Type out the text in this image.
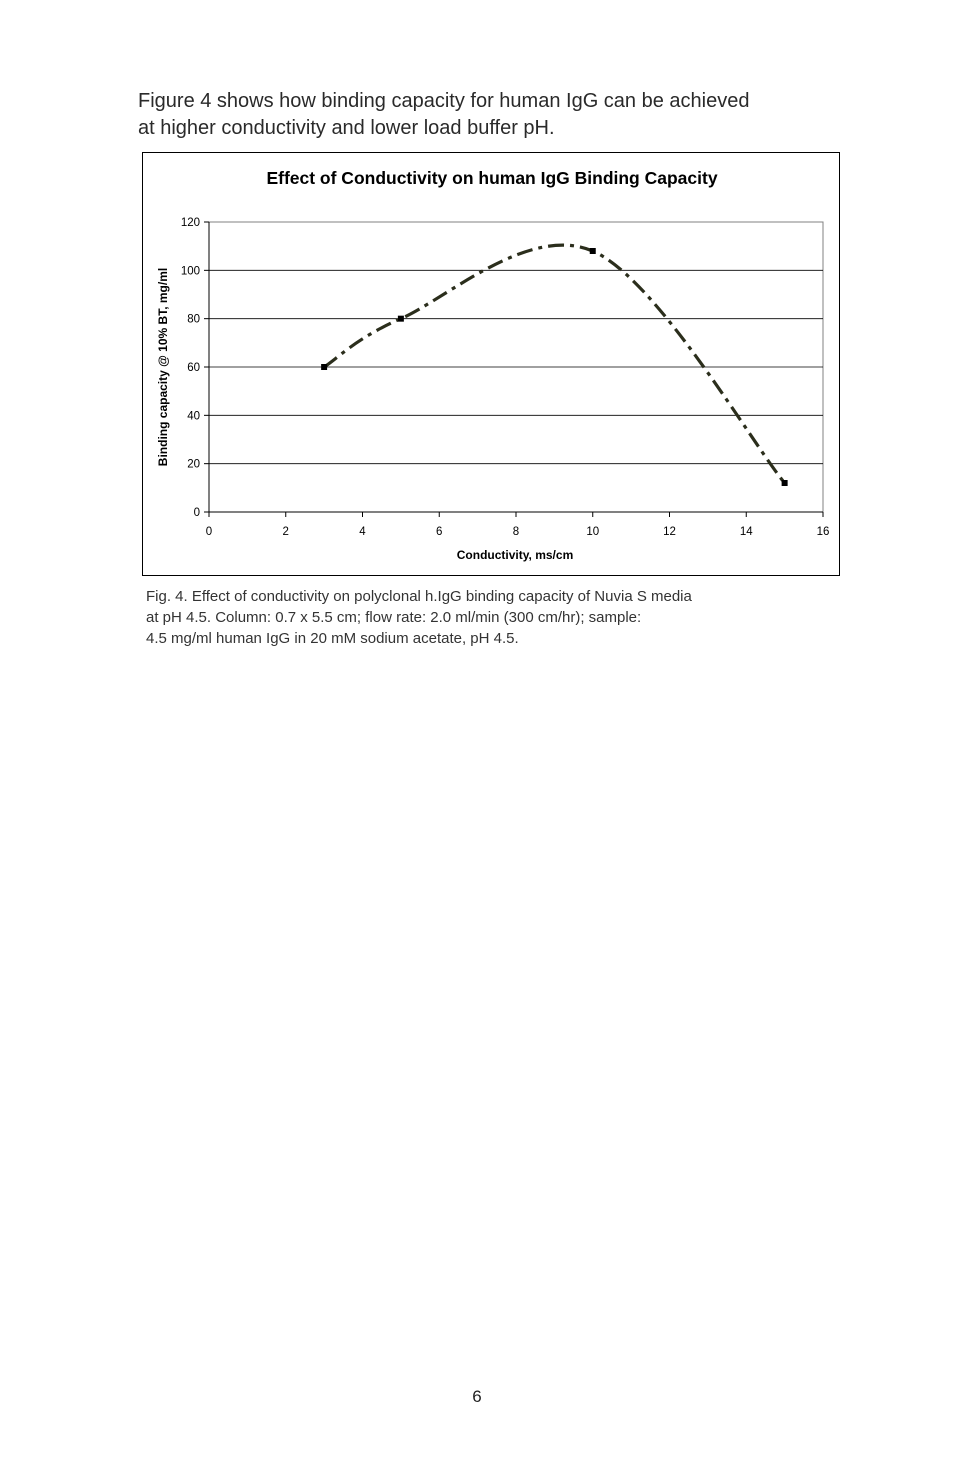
Figure 4 shows how binding capacity for human IgG can be achieved
at higher conductivity and lower load buffer pH.

Effect of Conductivity on human IgG Binding Capacity
0
20
40
60
80
100
120
0	2	4	6	8	10	12	14	16
Conductivity, ms/cm
Binding capacity @ 10% BT, mg/ml

Fig. 4. Effect of conductivity on polyclonal h.IgG binding capacity of Nuvia S media
at pH 4.5. Column: 0.7 x 5.5 cm; flow rate: 2.0 ml/min (300 cm/hr); sample:
4.5 mg/ml human IgG in 20 mM sodium acetate, pH 4.5.

6
